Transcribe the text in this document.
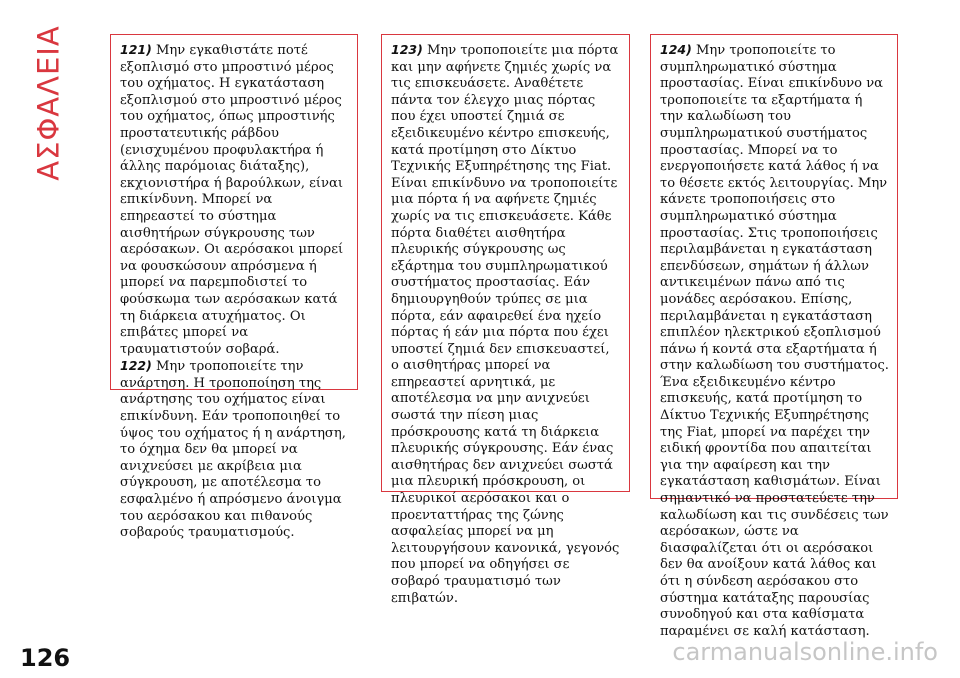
ΑΣΦΑΛΕΙΑ	121) Μην εγκαθιστάτε ποτέ εξοπλισμό στο μπροστινό μέρος του οχήματος. Η εγκατάσταση εξοπλισμού στο μπροστινό μέρος του οχήματος, όπως μπροστινής προστατευτικής ράβδου (ενισχυμένου προφυλακτήρα ή άλλης παρόμοιας διάταξης), εκχιονιστήρα ή βαρούλκων, είναι επικίνδυνη. Μπορεί να επηρεαστεί το σύστημα αισθητήρων σύγκρουσης των αερόσακων. Οι αερόσακοι μπορεί να φουσκώσουν απρόσμενα ή μπορεί να παρεμποδιστεί το φούσκωμα των αερόσακων κατά τη διάρκεια ατυχήματος. Οι επιβάτες μπορεί να τραυματιστούν σοβαρά.

122) Μην τροποποιείτε την ανάρτηση. Η τροποποίηση της ανάρτησης του οχήματος είναι επικίνδυνη. Εάν τροποποιηθεί το ύψος του οχήματος ή η ανάρτηση, το όχημα δεν θα μπορεί να ανιχνεύσει με ακρίβεια μια σύγκρουση, με αποτέλεσμα το εσφαλμένο ή απρόσμενο άνοιγμα του αερόσακου και πιθανούς σοβαρούς τραυματισμούς.

123) Μην τροποποιείτε μια πόρτα και μην αφήνετε ζημιές χωρίς να τις επισκευάσετε. Αναθέτετε πάντα τον έλεγχο μιας πόρτας που έχει υποστεί ζημιά σε εξειδικευμένο κέντρο επισκευής, κατά προτίμηση στο Δίκτυο Τεχνικής Εξυπηρέτησης της Fiat. Είναι επικίνδυνο να τροποποιείτε μια πόρτα ή να αφήνετε ζημιές χωρίς να τις επισκευάσετε. Κάθε πόρτα διαθέτει αισθητήρα πλευρικής σύγκρουσης ως εξάρτημα του συμπληρωματικού συστήματος προστασίας. Εάν δημιουργηθούν τρύπες σε μια πόρτα, εάν αφαιρεθεί ένα ηχείο πόρτας ή εάν μια πόρτα που έχει υποστεί ζημιά δεν επισκευαστεί, ο αισθητήρας μπορεί να επηρεαστεί αρνητικά, με αποτέλεσμα να μην ανιχνεύει σωστά την πίεση μιας πρόσκρουσης κατά τη διάρκεια πλευρικής σύγκρουσης. Εάν ένας αισθητήρας δεν ανιχνεύει σωστά μια πλευρική πρόσκρουση, οι πλευρικοί αερόσακοι και ο προενταττήρας της ζώνης ασφαλείας μπορεί να μη λειτουργήσουν κανονικά, γεγονός που μπορεί να οδηγήσει σε σοβαρό τραυματισμό των επιβατών.

124) Μην τροποποιείτε το συμπληρωματικό σύστημα προστασίας. Είναι επικίνδυνο να τροποποιείτε τα εξαρτήματα ή την καλωδίωση του συμπληρωματικού συστήματος προστασίας. Μπορεί να το ενεργοποιήσετε κατά λάθος ή να το θέσετε εκτός λειτουργίας. Μην κάνετε τροποποιήσεις στο συμπληρωματικό σύστημα προστασίας. Στις τροποποιήσεις περιλαμβάνεται η εγκατάσταση επενδύσεων, σημάτων ή άλλων αντικειμένων πάνω από τις μονάδες αερόσακου. Επίσης, περιλαμβάνεται η εγκατάσταση επιπλέον ηλεκτρικού εξοπλισμού πάνω ή κοντά στα εξαρτήματα ή στην καλωδίωση του συστήματος. Ένα εξειδικευμένο κέντρο επισκευής, κατά προτίμηση το Δίκτυο Τεχνικής Εξυπηρέτησης της Fiat, μπορεί να παρέχει την ειδική φροντίδα που απαιτείται για την αφαίρεση και την εγκατάσταση καθισμάτων. Είναι σημαντικό να προστατεύετε την καλωδίωση και τις συνδέσεις των αερόσακων, ώστε να διασφαλίζεται ότι οι αερόσακοι δεν θα ανοίξουν κατά λάθος και ότι η σύνδεση αερόσακου στο σύστημα κατάταξης παρουσίας συνοδηγού και στα καθίσματα παραμένει σε καλή κατάσταση.

126	carmanualsonline.info
